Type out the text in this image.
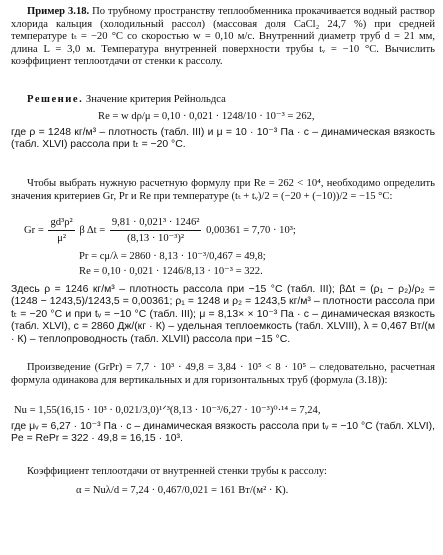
Пример 3.18. По трубному пространству теплообменника прокачивается водный раствор хлорида кальция (холодильный рассол) (массовая доля CaCl₂ 24,7 %) при средней температуре tₜ = −20 °С со скоростью w = 0,10 м/с. Внутренний диаметр труб d = 21 мм, длина L = 3,0 м. Температура внутренней поверхности трубы tᵥ = −10 °С. Вычислить коэффициент теплоотдачи от стенки к рассолу.

Решение. Значение критерия Рейнольдса

Re = w dρ/μ = 0,10 · 0,021 · 1248/10 · 10⁻³ = 262,

где ρ = 1248 кг/м³ – плотность (табл. III) и μ = 10 · 10⁻³ Па · с – динамическая вязкость (табл. XLVI) рассола при tₜ = −20 °С.

Чтобы выбрать нужную расчетную формулу при Re = 262 < 10⁴, необходимо определить значения критериев Gr, Pr и Re при температуре (tₜ + tᵥ)/2 = (−20 + (−10))/2 = −15 °С:

$Gr = \frac{\text{gd³ρ²}}{\text{μ²}}$ β $\Delta t = \frac{\text{9,81 · 0,021³ · 1246²}}{\text{(8,13 · 10⁻³)²}} 0,00361 = 7,70 \cdot 10^3$;
Pr = cμ/λ = 2860 · 8,13 · 10⁻³/0,467 = 49,8;
Re = 0,10 · 0,021 · 1246/8,13 · 10⁻³ = 322.

Здесь ρ = 1246 кг/м³ – плотность рассола при −15 °С (табл. III); βΔt = (ρ₁ − ρ₂)/ρ₂ = (1248 − 1243,5)/1243,5 = 0,00361; ρ₁ = 1248 и ρ₂ = 1243,5 кг/м³ – плотности рассола при tₜ = −20 °С и при tᵥ = −10 °С (табл. III); μ = 8,13× × 10⁻³ Па · с – динамическая вязкость (табл. XLVI), c = 2860 Дж/(кг · К) – удельная теплоемкость (табл. XLVIII), λ = 0,467 Вт/(м · К) – теплопроводность (табл. XLVII) рассола при −15 °С.

Произведение (GrPr) = 7,7 · 10³ · 49,8 = 3,84 · 10⁵ < 8 · 10⁵ – следовательно, расчетная формула одинакова для вертикальных и для горизонтальных труб (формула (3.18)):

Nu = 1,55(16,15 · 10³ · 0,021/3,0)¹ᐟ³(8,13 · 10⁻³/6,27 · 10⁻³)⁰·¹⁴ = 7,24,

где μᵥ = 6,27 · 10⁻³ Па · с – динамическая вязкость рассола при tᵥ = −10 °С (табл. XLVI), Pe = RePr = 322 · 49,8 = 16,15 · 10³.

Коэффициент теплоотдачи от внутренней стенки трубы к рассолу:

α = Nuλ/d = 7,24 · 0,467/0,021 = 161 Вт/(м² · К).
